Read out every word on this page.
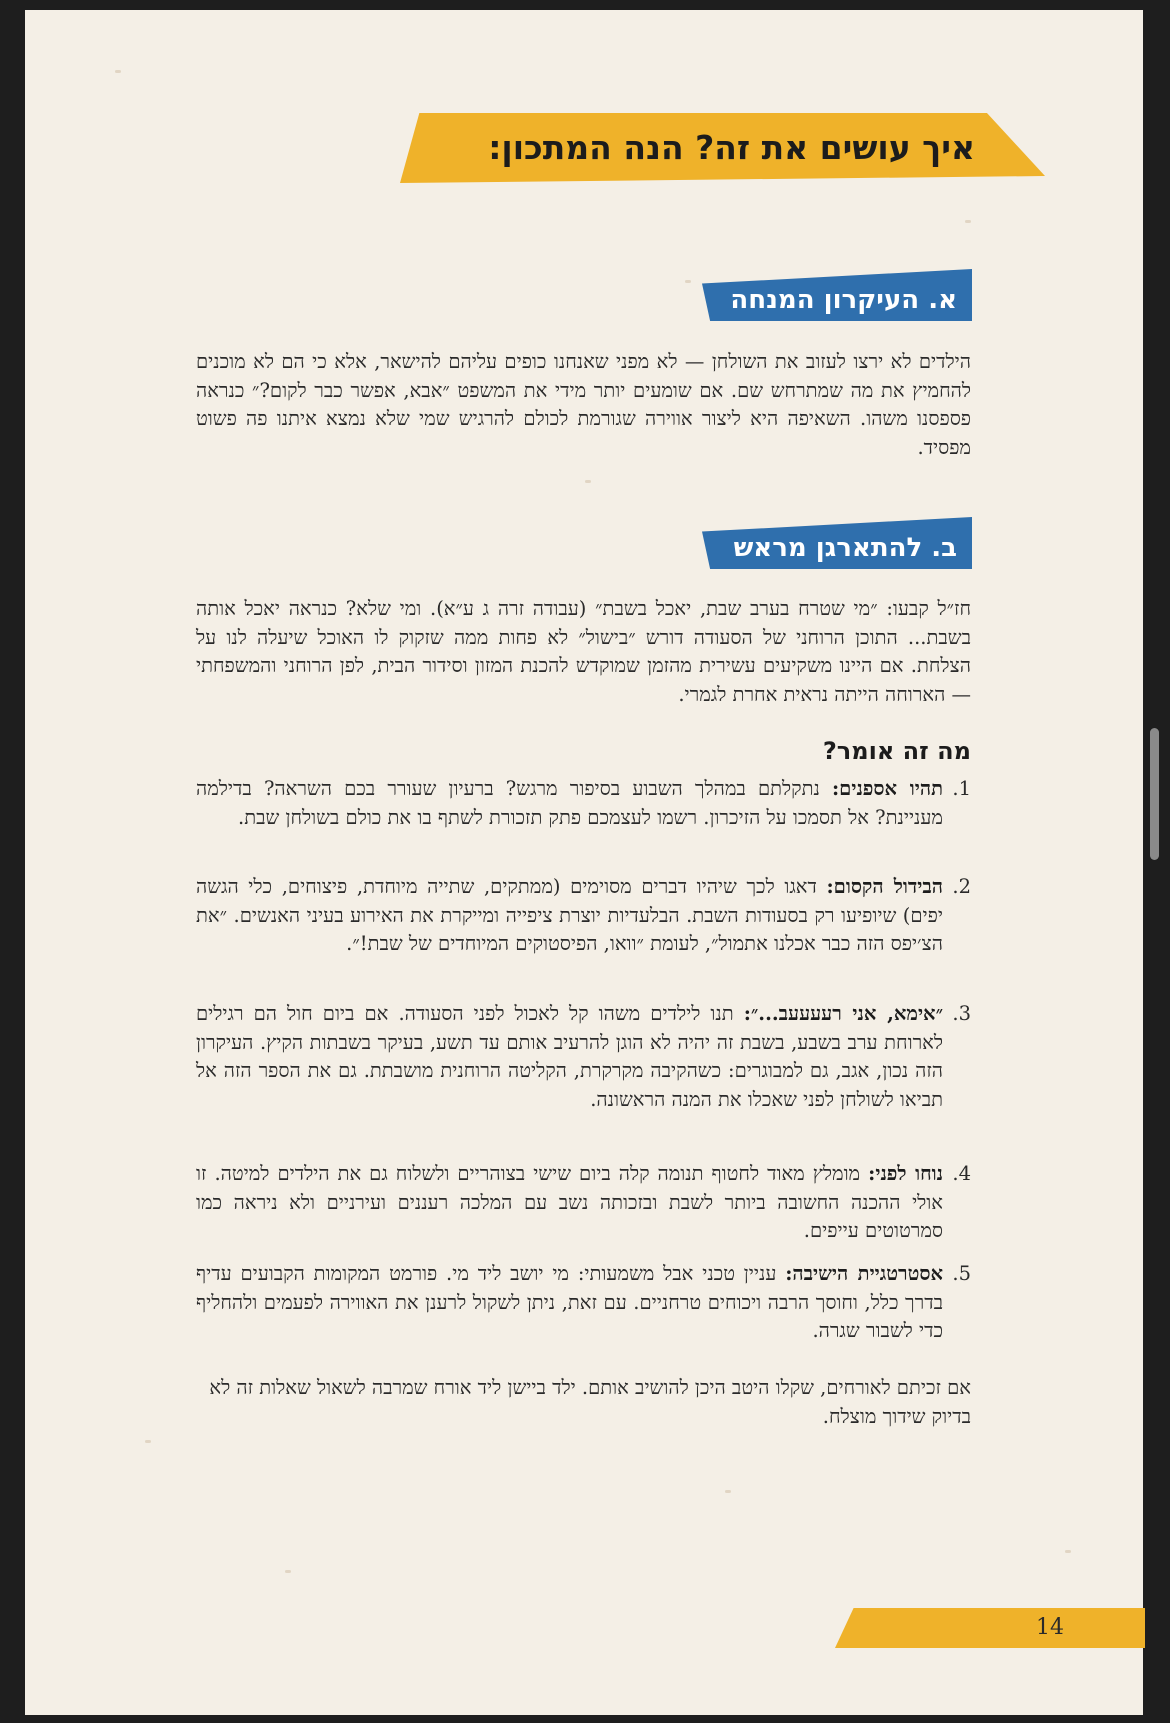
איך עושים את זה? הנה המתכון:
א. העיקרון המנחה
הילדים לא ירצו לעזוב את השולחן — לא מפני שאנחנו כופים עליהם להישאר, אלא כי הם לא מוכנים להחמיץ את מה שמתרחש שם. אם שומעים יותר מידי את המשפט ״אבא, אפשר כבר לקום?״ כנראה פספסנו משהו. השאיפה היא ליצור אווירה שגורמת לכולם להרגיש שמי שלא נמצא איתנו פה פשוט מפסיד.
ב. להתארגן מראש
חז״ל קבעו: ״מי שטרח בערב שבת, יאכל בשבת״ (עבודה זרה ג ע״א). ומי שלא? כנראה יאכל אותה בשבת... התוכן הרוחני של הסעודה דורש ״בישול״ לא פחות ממה שזקוק לו האוכל שיעלה לנו על הצלחת. אם היינו משקיעים עשירית מהזמן שמוקדש להכנת המזון וסידור הבית, לפן הרוחני והמשפחתי — הארוחה הייתה נראית אחרת לגמרי.
מה זה אומר?
1.
תהיו אספנים: נתקלתם במהלך השבוע בסיפור מרגש? ברעיון שעורר בכם השראה? בדילמה מעניינת? אל תסמכו על הזיכרון. רשמו לעצמכם פתק תזכורת לשתף בו את כולם בשולחן שבת.
2.
הבידול הקסום: דאגו לכך שיהיו דברים מסוימים (ממתקים, שתייה מיוחדת, פיצוחים, כלי הגשה יפים) שיופיעו רק בסעודות השבת. הבלעדיות יוצרת ציפייה ומייקרת את האירוע בעיני האנשים. ״את הצ׳יפס הזה כבר אכלנו אתמול״, לעומת ״וואו, הפיסטוקים המיוחדים של שבת!״.
3.
״אימא, אני רעעעעב...״: תנו לילדים משהו קל לאכול לפני הסעודה. אם ביום חול הם רגילים לארוחת ערב בשבע, בשבת זה יהיה לא הוגן להרעיב אותם עד תשע, בעיקר בשבתות הקיץ. העיקרון הזה נכון, אגב, גם למבוגרים: כשהקיבה מקרקרת, הקליטה הרוחנית מושבתת. גם את הספר הזה אל תביאו לשולחן לפני שאכלו את המנה הראשונה.
4.
נוחו לפני: מומלץ מאוד לחטוף תנומה קלה ביום שישי בצוהריים ולשלוח גם את הילדים למיטה. זו אולי ההכנה החשובה ביותר לשבת ובזכותה נשב עם המלכה רעננים ועירניים ולא ניראה כמו סמרטוטים עייפים.
5.
אסטרטגיית הישיבה: עניין טכני אבל משמעותי: מי יושב ליד מי. פורמט המקומות הקבועים עדיף בדרך כלל, וחוסך הרבה ויכוחים טרחניים. עם זאת, ניתן לשקול לרענן את האווירה לפעמים ולהחליף כדי לשבור שגרה.
אם זכיתם לאורחים, שקלו היטב היכן להושיב אותם. ילד ביישן ליד אורח שמרבה לשאול שאלות זה לא בדיוק שידוך מוצלח.
14
